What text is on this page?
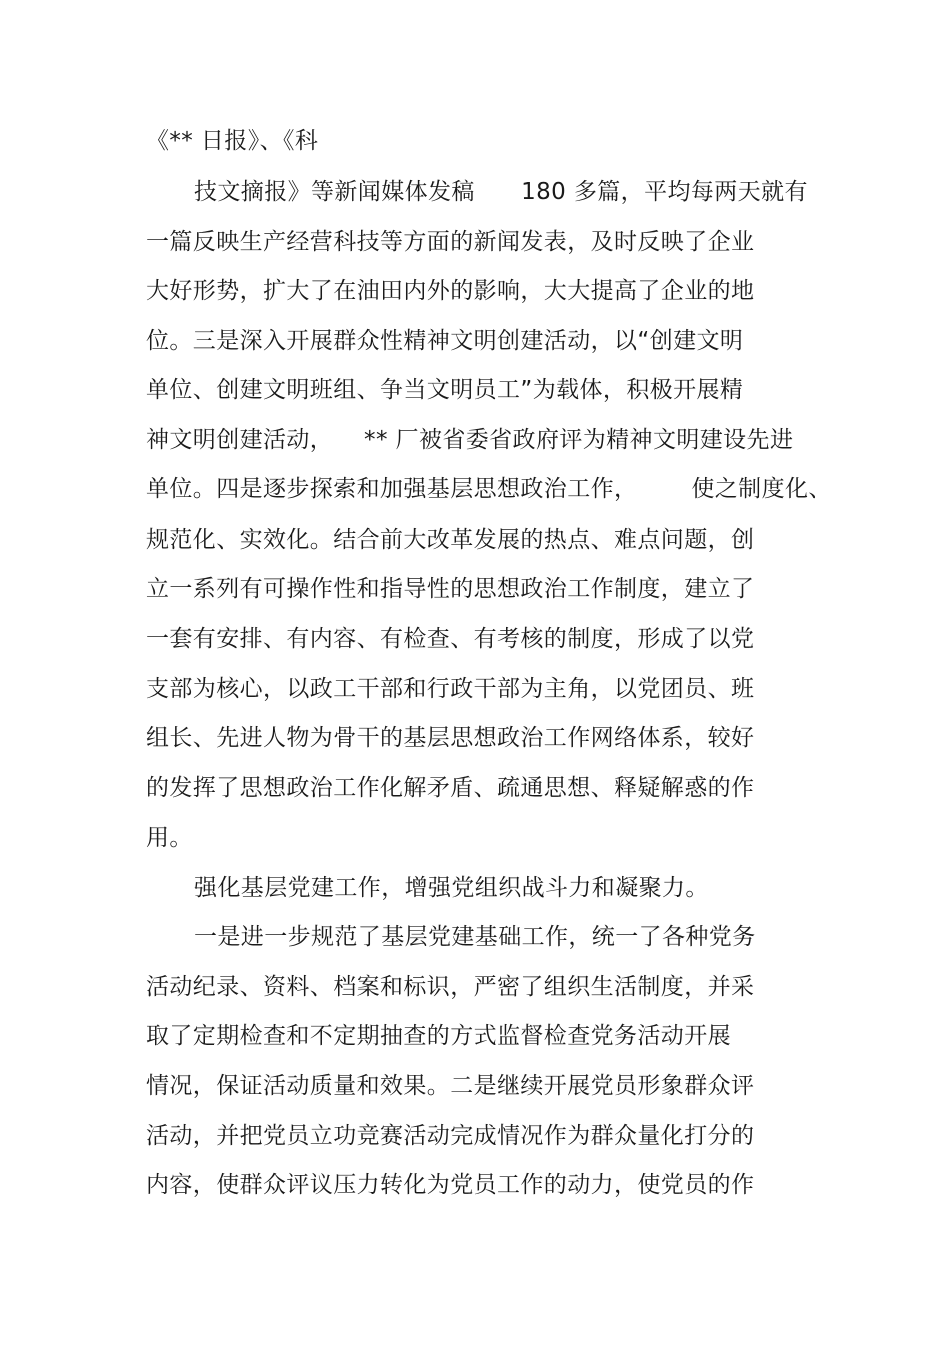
《** 日报》、《科
技文摘报》等新闻媒体发稿      180 多篇，平均每两天就有
一篇反映生产经营科技等方面的新闻发表，及时反映了企业
大好形势，扩大了在油田内外的影响，大大提高了企业的地
位。三是深入开展群众性精神文明创建活动，以“创建文明
单位、创建文明班组、争当文明员工”为载体，积极开展精
神文明创建活动，    ** 厂被省委省政府评为精神文明建设先进
单位。四是逐步探索和加强基层思想政治工作，       使之制度化、
规范化、实效化。结合前大改革发展的热点、难点问题，创
立一系列有可操作性和指导性的思想政治工作制度，建立了
一套有安排、有内容、有检查、有考核的制度，形成了以党
支部为核心，以政工干部和行政干部为主角，以党团员、班
组长、先进人物为骨干的基层思想政治工作网络体系，较好
的发挥了思想政治工作化解矛盾、疏通思想、释疑解惑的作
用。
强化基层党建工作，增强党组织战斗力和凝聚力。
一是进一步规范了基层党建基础工作，统一了各种党务
活动纪录、资料、档案和标识，严密了组织生活制度，并采
取了定期检查和不定期抽查的方式监督检查党务活动开展
情况，保证活动质量和效果。二是继续开展党员形象群众评
活动，并把党员立功竞赛活动完成情况作为群众量化打分的
内容，使群众评议压力转化为党员工作的动力，使党员的作
